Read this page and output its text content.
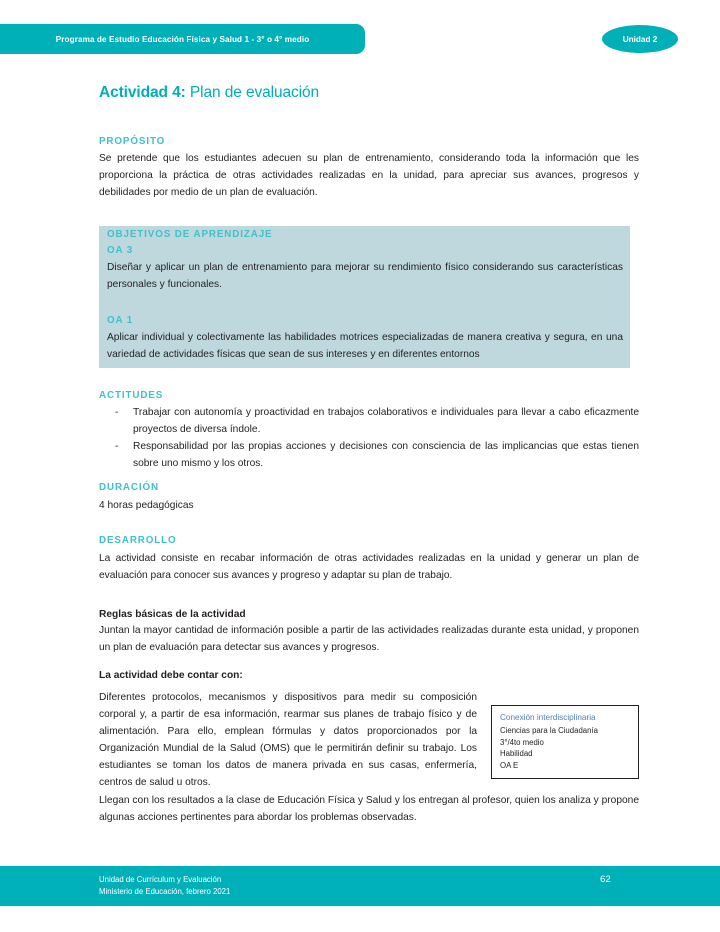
Programa de Estudio Educación Física y Salud 1 - 3° o 4° medio	Unidad 2
Actividad 4: Plan de evaluación
PROPÓSITO

Se pretende que los estudiantes adecuen su plan de entrenamiento, considerando toda la información que les proporciona la práctica de otras actividades realizadas en la unidad, para apreciar sus avances, progresos y debilidades por medio de un plan de evaluación.

ACTITUDES
- Trabajar con autonomía y proactividad en trabajos colaborativos e individuales para llevar a cabo eficazmente proyectos de diversa índole.
- Responsabilidad por las propias acciones y decisiones con consciencia de las implicancias que estas tienen sobre uno mismo y los otros.
DURACIÓN

4 horas pedagógicas

DESARROLLO

La actividad consiste en recabar información de otras actividades realizadas en la unidad y generar un plan de evaluación para conocer sus avances y progreso y adaptar su plan de trabajo.

Reglas básicas de la actividad

Juntan la mayor cantidad de información posible a partir de las actividades realizadas durante esta unidad, y proponen un plan de evaluación para detectar sus avances y progresos.

La actividad debe contar con:
Conexión interdisciplinaria
Ciencias para la Ciudadanía
3°/4to medio
Habilidad
OA E

Diferentes protocolos, mecanismos y dispositivos para medir su composición corporal y, a partir de esa información, rearmar sus planes de trabajo físico y de alimentación. Para ello, emplean fórmulas y datos proporcionados por la Organización Mundial de la Salud (OMS) que le permitirán definir su trabajo. Los estudiantes se toman los datos de manera privada en sus casas, enfermería, centros de salud u otros.

Llegan con los resultados a la clase de Educación Física y Salud y los entregan al profesor, quien los analiza y propone algunas acciones pertinentes para abordar los problemas observadas.

OBJETIVOS DE APRENDIZAJE
OA 3

Diseñar y aplicar un plan de entrenamiento para mejorar su rendimiento físico considerando sus características personales y funcionales.

OA 1

Aplicar individual y colectivamente las habilidades motrices especializadas de manera creativa y segura, en una variedad de actividades físicas que sean de sus intereses y en diferentes entornos

Unidad de Currículum y Evaluación
Ministerio de Educación, febrero 2021
62
